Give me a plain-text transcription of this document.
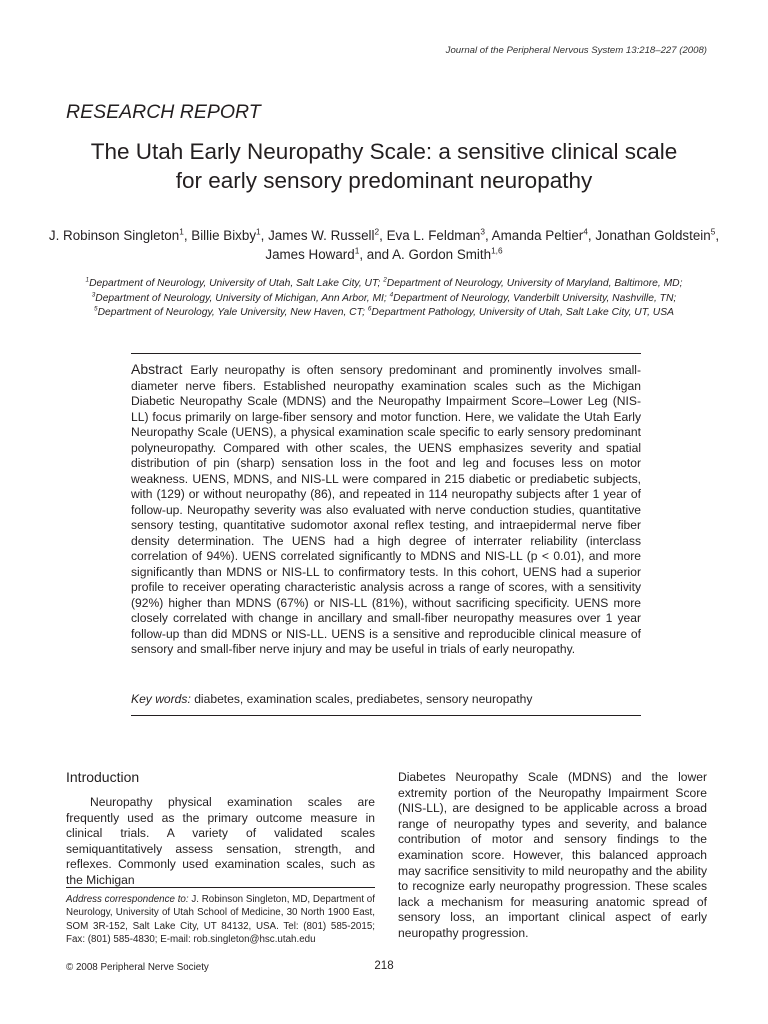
Journal of the Peripheral Nervous System 13:218–227 (2008)
RESEARCH REPORT
The Utah Early Neuropathy Scale: a sensitive clinical scale
for early sensory predominant neuropathy
J. Robinson Singleton$^1$, Billie Bixby$^1$, James W. Russell$^2$, Eva L. Feldman$^3$, Amanda Peltier$^4$, Jonathan Goldstein$^5$, James Howard$^1$, and A. Gordon Smith$^{1,6}$
$^1$Department of Neurology, University of Utah, Salt Lake City, UT; $^2$Department of Neurology, University of Maryland, Baltimore, MD; $^3$Department of Neurology, University of Michigan, Ann Arbor, MI; $^4$Department of Neurology, Vanderbilt University, Nashville, TN; $^5$Department of Neurology, Yale University, New Haven, CT; $^6$Department Pathology, University of Utah, Salt Lake City, UT, USA
Abstract Early neuropathy is often sensory predominant and prominently involves small-diameter nerve fibers. Established neuropathy examination scales such as the Michigan Diabetic Neuropathy Scale (MDNS) and the Neuropathy Impairment Score–Lower Leg (NIS-LL) focus primarily on large-fiber sensory and motor function. Here, we validate the Utah Early Neuropathy Scale (UENS), a physical examination scale specific to early sensory predominant polyneuropathy. Compared with other scales, the UENS emphasizes severity and spatial distribution of pin (sharp) sensation loss in the foot and leg and focuses less on motor weakness. UENS, MDNS, and NIS-LL were compared in 215 diabetic or prediabetic subjects, with (129) or without neuropathy (86), and repeated in 114 neuropathy subjects after 1 year of follow-up. Neuropathy severity was also evaluated with nerve conduction studies, quantitative sensory testing, quantitative sudomotor axonal reflex testing, and intraepidermal nerve fiber density determination. The UENS had a high degree of interrater reliability (interclass correlation of 94%). UENS correlated significantly to MDNS and NIS-LL (p < 0.01), and more significantly than MDNS or NIS-LL to confirmatory tests. In this cohort, UENS had a superior profile to receiver operating characteristic analysis across a range of scores, with a sensitivity (92%) higher than MDNS (67%) or NIS-LL (81%), without sacrificing specificity. UENS more closely correlated with change in ancillary and small-fiber neuropathy measures over 1 year follow-up than did MDNS or NIS-LL. UENS is a sensitive and reproducible clinical measure of sensory and small-fiber nerve injury and may be useful in trials of early neuropathy.
Key words: diabetes, examination scales, prediabetes, sensory neuropathy
Introduction

Neuropathy physical examination scales are frequently used as the primary outcome measure in clinical trials. A variety of validated scales semiquantitatively assess sensation, strength, and reflexes. Commonly used examination scales, such as the Michigan

Diabetes Neuropathy Scale (MDNS) and the lower extremity portion of the Neuropathy Impairment Score (NIS-LL), are designed to be applicable across a broad range of neuropathy types and severity, and balance contribution of motor and sensory findings to the examination score. However, this balanced approach may sacrifice sensitivity to mild neuropathy and the ability to recognize early neuropathy progression. These scales lack a mechanism for measuring anatomic spread of sensory loss, an important clinical aspect of early neuropathy progression.
Address correspondence to: J. Robinson Singleton, MD, Department of Neurology, University of Utah School of Medicine, 30 North 1900 East, SOM 3R-152, Salt Lake City, UT 84132, USA. Tel: (801) 585-2015; Fax: (801) 585-4830; E-mail: rob.singleton@hsc.utah.edu
© 2008 Peripheral Nerve Society	218
